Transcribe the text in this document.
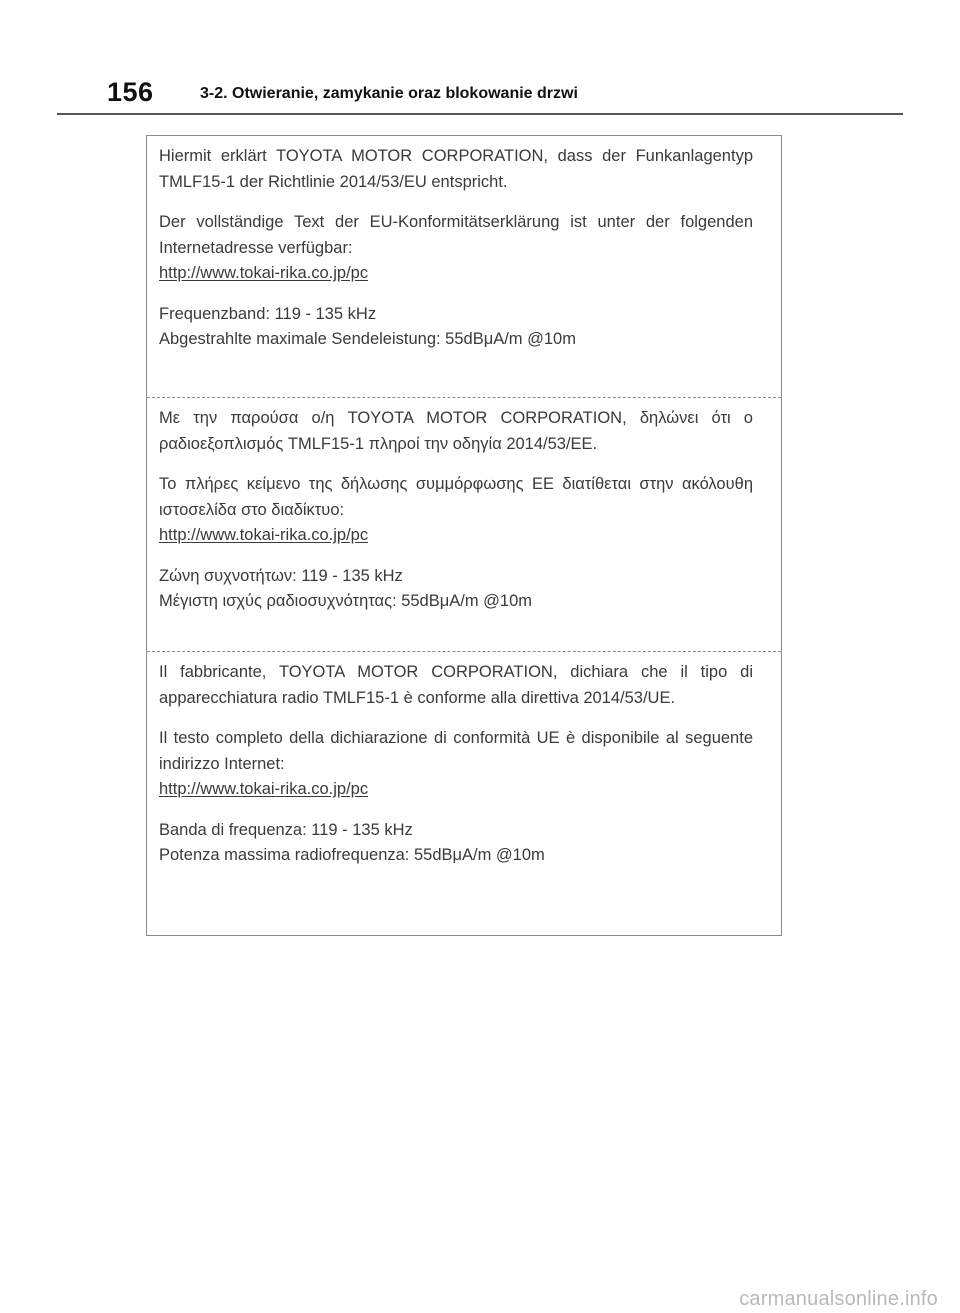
156	3-2. Otwieranie, zamykanie oraz blokowanie drzwi

Hiermit erklärt TOYOTA MOTOR CORPORATION, dass der Funkanlagentyp TMLF15-1 der Richtlinie 2014/53/EU entspricht.

Der vollständige Text der EU-Konformitätserklärung ist unter der folgenden Internetadresse verfügbar:
http://www.tokai-rika.co.jp/pc

Frequenzband: 119 - 135 kHz
Abgestrahlte maximale Sendeleistung: 55dBμA/m @10m

Με την παρούσα ο/η TOYOTA MOTOR CORPORATION, δηλώνει ότι ο ραδιοεξοπλισμός TMLF15-1 πληροί την οδηγία 2014/53/ΕΕ.

Το πλήρες κείμενο της δήλωσης συμμόρφωσης ΕΕ διατίθεται στην ακόλουθη ιστοσελίδα στο διαδίκτυο:
http://www.tokai-rika.co.jp/pc

Ζώνη συχνοτήτων: 119 - 135 kHz
Μέγιστη ισχύς ραδιοσυχνότητας: 55dBμA/m @10m

Il fabbricante, TOYOTA MOTOR CORPORATION, dichiara che il tipo di apparecchiatura radio TMLF15-1 è conforme alla direttiva 2014/53/UE.

Il testo completo della dichiarazione di conformità UE è disponibile al seguente indirizzo Internet:
http://www.tokai-rika.co.jp/pc

Banda di frequenza: 119 - 135 kHz
Potenza massima radiofrequenza: 55dBμA/m @10m

carmanualsonline.info
